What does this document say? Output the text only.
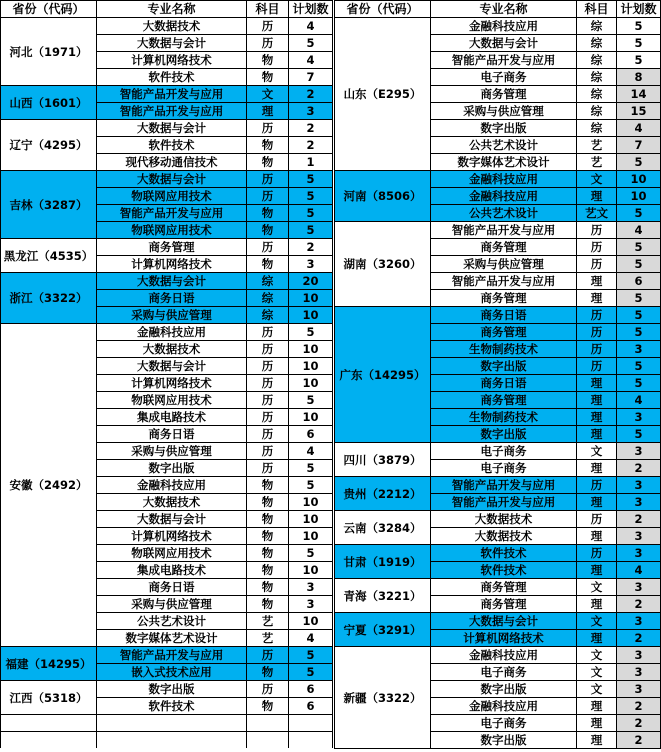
省份（代码）	专业名称	科目	计划数
河北（1971）	大数据技术	历	4
	大数据与会计	历	5
	计算机网络技术	物	4
	软件技术	物	7
山西（1601）	智能产品开发与应用	文	2
	智能产品开发与应用	理	3
辽宁（4295）	大数据与会计	历	2
	软件技术	物	2
	现代移动通信技术	物	1
吉林（3287）	大数据与会计	历	5
	物联网应用技术	历	5
	智能产品开发与应用	物	5
	物联网应用技术	物	5
黑龙江（4535）	商务管理	历	2
	计算机网络技术	物	3
浙江（3322）	大数据与会计	综	20
	商务日语	综	10
	采购与供应管理	综	10
安徽（2492）	金融科技应用	历	5
	大数据技术	历	10
	大数据与会计	历	10
	计算机网络技术	历	10
	物联网应用技术	历	5
	集成电路技术	历	10
	商务日语	历	6
	采购与供应管理	历	4
	数字出版	历	5
	金融科技应用	物	5
	大数据技术	物	10
	大数据与会计	物	10
	计算机网络技术	物	10
	物联网应用技术	物	5
	集成电路技术	物	10
	商务日语	物	3
	采购与供应管理	物	3
	公共艺术设计	艺	10
	数字媒体艺术设计	艺	4
福建（14295）	智能产品开发与应用	历	5
	嵌入式技术应用	物	5
江西（5318）	数字出版	历	6
	软件技术	物	6

省份（代码）	专业名称	科目	计划数
山东（E295）	金融科技应用	综	5
	大数据与会计	综	5
	智能产品开发与应用	综	5
	电子商务	综	8
	商务管理	综	14
	采购与供应管理	综	15
	数字出版	综	4
	公共艺术设计	艺	7
	数字媒体艺术设计	艺	5
河南（8506）	金融科技应用	文	10
	金融科技应用	理	10
	公共艺术设计	艺文	5
湖南（3260）	智能产品开发与应用	历	4
	商务管理	历	5
	采购与供应管理	历	5
	智能产品开发与应用	理	6
	商务管理	理	5
广东（14295）	商务日语	历	5
	商务管理	历	5
	生物制药技术	历	3
	数字出版	历	5
	商务日语	理	5
	商务管理	理	4
	生物制药技术	理	3
	数字出版	理	5
四川（3879）	电子商务	文	3
	电子商务	理	2
贵州（2212）	智能产品开发与应用	历	3
	智能产品开发与应用	理	3
云南（3284）	大数据技术	历	2
	大数据技术	理	3
甘肃（1919）	软件技术	历	3
	软件技术	理	4
青海（3221）	商务管理	文	3
	商务管理	理	2
宁夏（3291）	大数据与会计	文	3
	计算机网络技术	理	2
新疆（3322）	金融科技应用	文	3
	电子商务	文	3
	数字出版	文	3
	金融科技应用	理	2
	电子商务	理	2
	数字出版	理	2
